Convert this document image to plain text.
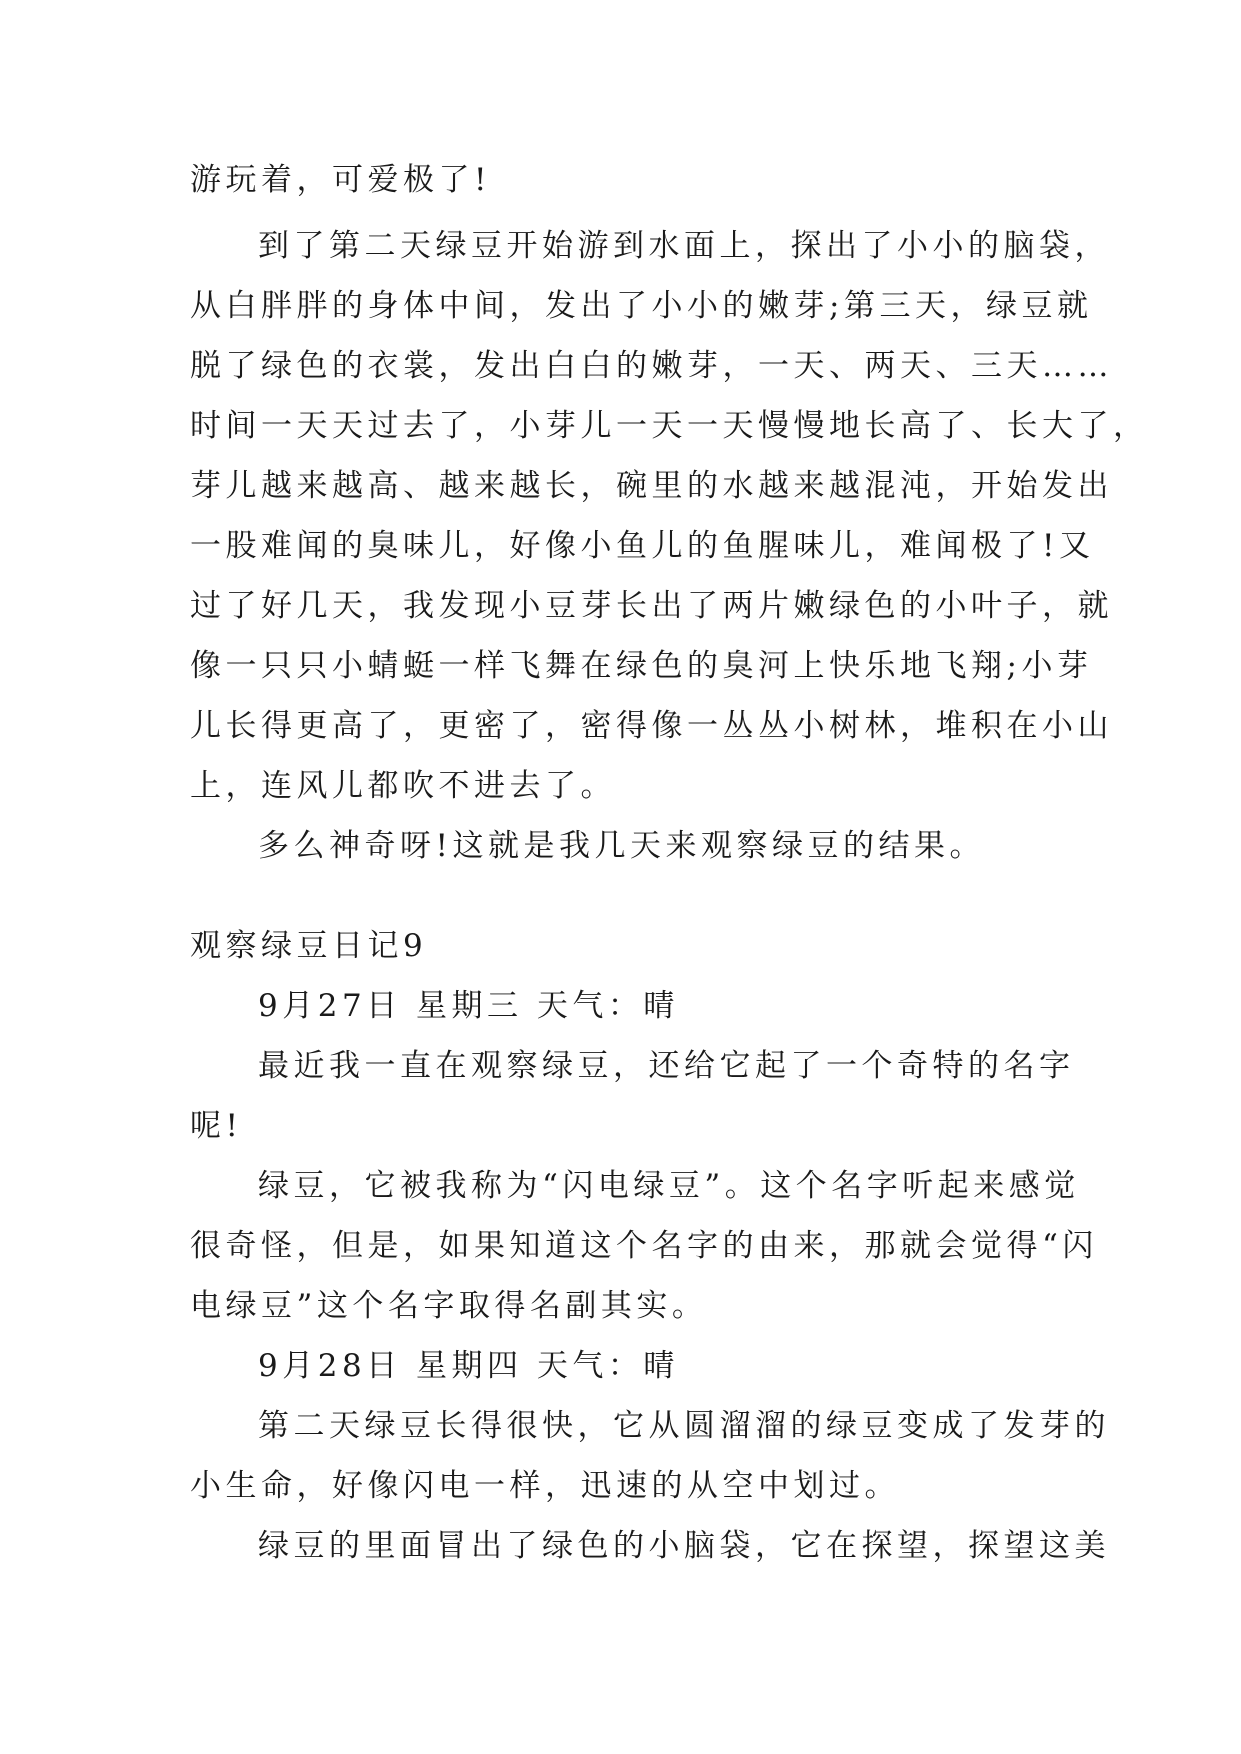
游玩着，可爱极了!
到了第二天绿豆开始游到水面上，探出了小小的脑袋，
从白胖胖的身体中间，发出了小小的嫩芽;第三天，绿豆就
脱了绿色的衣裳，发出白白的嫩芽，一天、两天、三天……
时间一天天过去了，小芽儿一天一天慢慢地长高了、长大了，
芽儿越来越高、越来越长，碗里的水越来越混沌，开始发出
一股难闻的臭味儿，好像小鱼儿的鱼腥味儿，难闻极了!又
过了好几天，我发现小豆芽长出了两片嫩绿色的小叶子，就
像一只只小蜻蜓一样飞舞在绿色的臭河上快乐地飞翔;小芽
儿长得更高了，更密了，密得像一丛丛小树林，堆积在小山
上，连风儿都吹不进去了。
多么神奇呀!这就是我几天来观察绿豆的结果。
观察绿豆日记9
9月27日 星期三 天气：晴
最近我一直在观察绿豆，还给它起了一个奇特的名字
呢!
绿豆，它被我称为“闪电绿豆”。这个名字听起来感觉
很奇怪，但是，如果知道这个名字的由来，那就会觉得“闪
电绿豆”这个名字取得名副其实。
9月28日 星期四 天气：晴
第二天绿豆长得很快，它从圆溜溜的绿豆变成了发芽的
小生命，好像闪电一样，迅速的从空中划过。
绿豆的里面冒出了绿色的小脑袋，它在探望，探望这美
